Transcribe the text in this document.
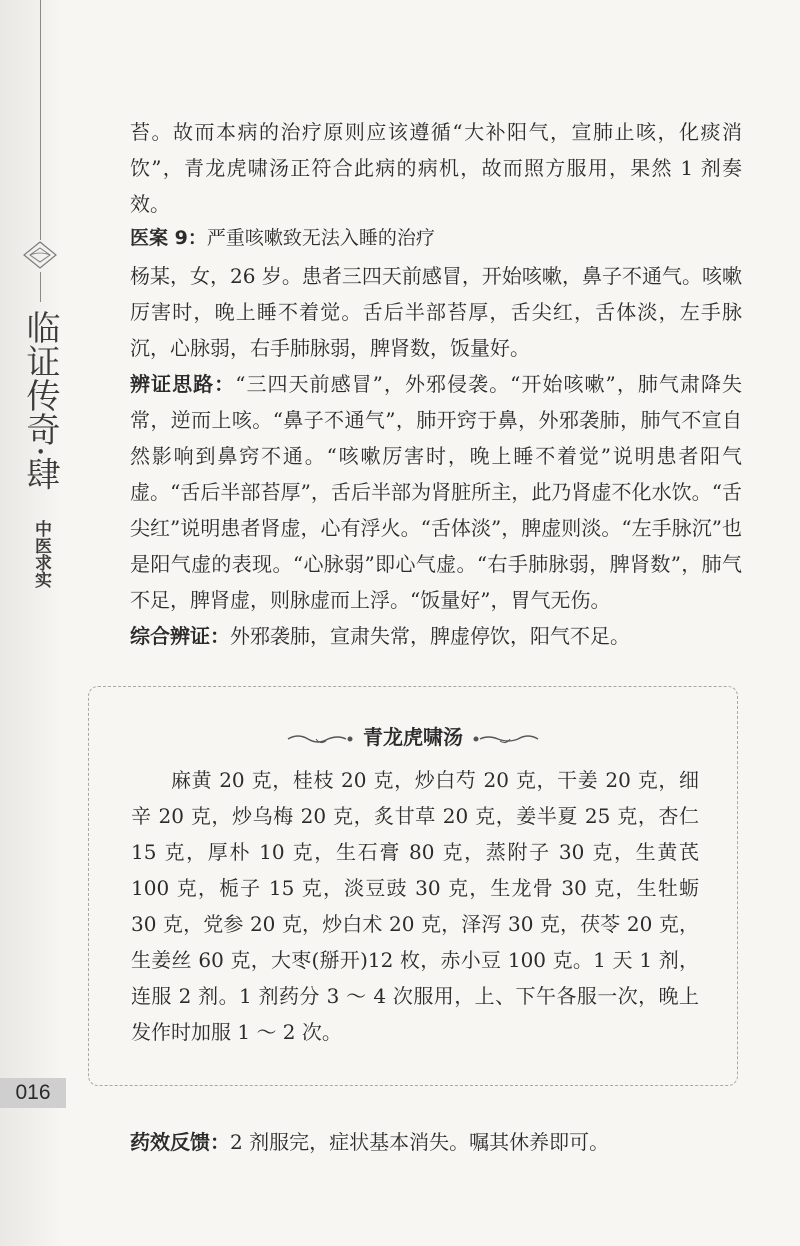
临证传奇·肆
中医求实
016

苔。故而本病的治疗原则应该遵循“大补阳气，宣肺止咳，化痰消饮”，青龙虎啸汤正符合此病的病机，故而照方服用，果然 1 剂奏效。

医案 9：严重咳嗽致无法入睡的治疗

杨某，女，26 岁。患者三四天前感冒，开始咳嗽，鼻子不通气。咳嗽厉害时，晚上睡不着觉。舌后半部苔厚，舌尖红，舌体淡，左手脉沉，心脉弱，右手肺脉弱，脾肾数，饭量好。

辨证思路：“三四天前感冒”，外邪侵袭。“开始咳嗽”，肺气肃降失常，逆而上咳。“鼻子不通气”，肺开窍于鼻，外邪袭肺，肺气不宣自然影响到鼻窍不通。“咳嗽厉害时，晚上睡不着觉”说明患者阳气虚。“舌后半部苔厚”，舌后半部为肾脏所主，此乃肾虚不化水饮。“舌尖红”说明患者肾虚，心有浮火。“舌体淡”，脾虚则淡。“左手脉沉”也是阳气虚的表现。“心脉弱”即心气虚。“右手肺脉弱，脾肾数”，肺气不足，脾肾虚，则脉虚而上浮。“饭量好”，胃气无伤。

综合辨证：外邪袭肺，宣肃失常，脾虚停饮，阳气不足。

青龙虎啸汤

麻黄 20 克，桂枝 20 克，炒白芍 20 克，干姜 20 克，细辛 20 克，炒乌梅 20 克，炙甘草 20 克，姜半夏 25 克，杏仁 15 克，厚朴 10 克，生石膏 80 克，蒸附子 30 克，生黄芪 100 克，栀子 15 克，淡豆豉 30 克，生龙骨 30 克，生牡蛎 30 克，党参 20 克，炒白术 20 克，泽泻 30 克，茯苓 20 克，生姜丝 60 克，大枣(掰开)12 枚，赤小豆 100 克。1 天 1 剂，连服 2 剂。1 剂药分 3 ～ 4 次服用，上、下午各服一次，晚上发作时加服 1 ～ 2 次。

药效反馈：2 剂服完，症状基本消失。嘱其休养即可。
